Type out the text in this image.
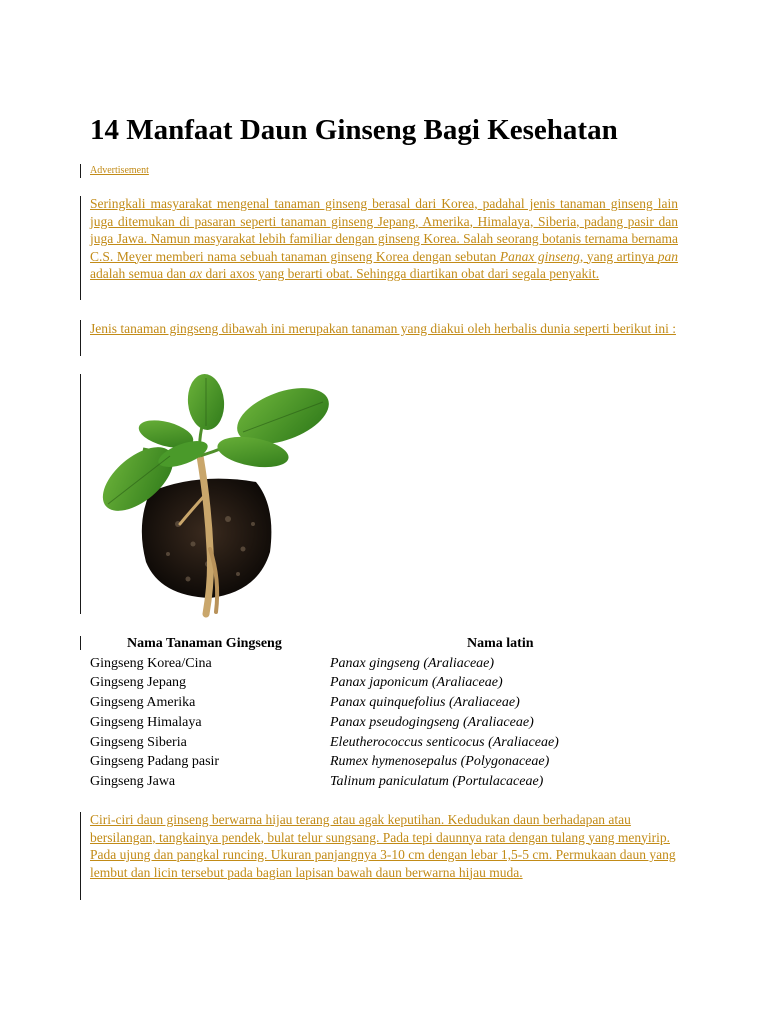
14 Manfaat Daun Ginseng Bagi Kesehatan
Advertisement

Seringkali masyarakat mengenal tanaman ginseng berasal dari Korea, padahal jenis tanaman ginseng lain juga ditemukan di pasaran seperti tanaman ginseng Jepang, Amerika, Himalaya, Siberia, padang pasir dan juga Jawa. Namun masyarakat lebih familiar dengan ginseng Korea. Salah seorang botanis ternama bernama C.S. Meyer memberi nama sebuah tanaman ginseng Korea dengan sebutan Panax ginseng, yang artinya pan adalah semua dan ax dari axos yang berarti obat. Sehingga diartikan obat dari segala penyakit.

Jenis tanaman gingseng dibawah ini merupakan tanaman yang diakui oleh herbalis dunia seperti berikut ini :

Nama Tanaman Gingseng	Nama latin
Gingseng Korea/Cina	Panax gingseng (Araliaceae)
Gingseng Jepang	Panax japonicum (Araliaceae)
Gingseng Amerika	Panax quinquefolius (Araliaceae)
Gingseng Himalaya	Panax pseudogingseng (Araliaceae)
Gingseng Siberia	Eleutherococcus senticocus (Araliaceae)
Gingseng Padang pasir	Rumex hymenosepalus (Polygonaceae)
Gingseng Jawa	Talinum paniculatum (Portulacaceae)

Ciri-ciri daun ginseng berwarna hijau terang atau agak keputihan. Kedudukan daun berhadapan atau bersilangan, tangkainya pendek, bulat telur sungsang. Pada tepi daunnya rata dengan tulang yang menyirip. Pada ujung dan pangkal runcing. Ukuran panjangnya 3-10 cm dengan lebar 1,5-5 cm. Permukaan daun yang lembut dan licin tersebut pada bagian lapisan bawah daun berwarna hijau muda.
